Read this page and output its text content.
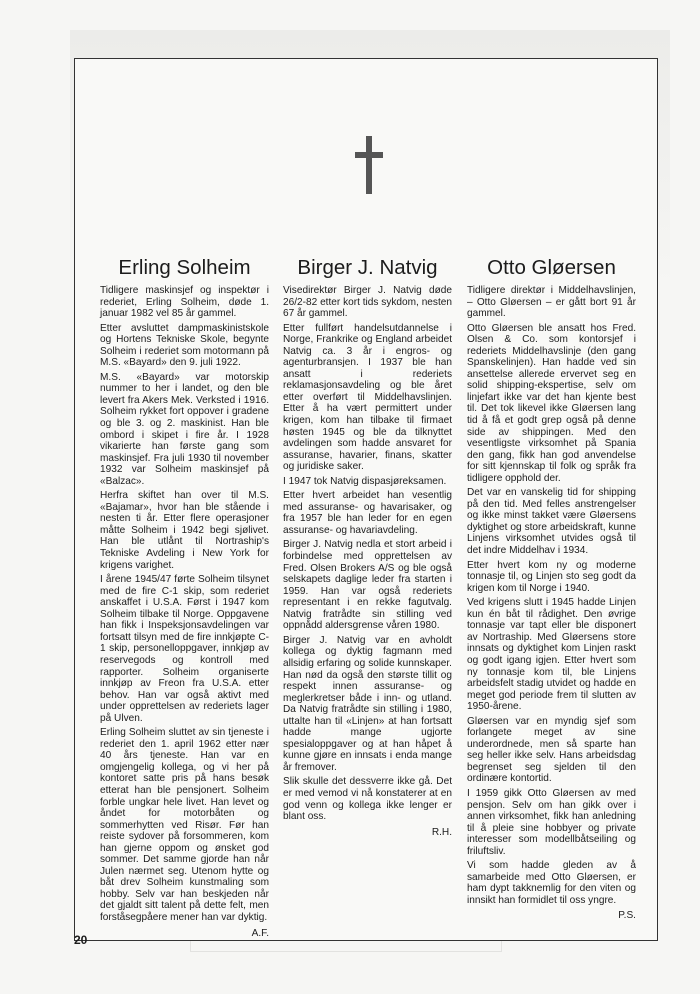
Erling Solheim

Tidligere maskinsjef og inspektør i rederiet, Erling Solheim, døde 1. januar 1982 vel 85 år gammel.

Etter avsluttet dampmaskinistskole og Hortens Tekniske Skole, begynte Solheim i rederiet som motormann på M.S. «Bayard» den 9. juli 1922.

M.S. «Bayard» var motorskip nummer to her i landet, og den ble levert fra Akers Mek. Verksted i 1916. Solheim rykket fort oppover i gradene og ble 3. og 2. maskinist. Han ble ombord i skipet i fire år. I 1928 vikarierte han første gang som maskinsjef. Fra juli 1930 til november 1932 var Solheim maskinsjef på «Balzac».

Herfra skiftet han over til M.S. «Bajamar», hvor han ble stående i nesten ti år. Etter flere operasjoner måtte Solheim i 1942 begi sjølivet. Han ble utlånt til Nortraship's Tekniske Avdeling i New York for krigens varighet.

I årene 1945/47 førte Solheim tilsynet med de fire C-1 skip, som rederiet anskaffet i U.S.A. Først i 1947 kom Solheim tilbake til Norge. Oppgavene han fikk i Inspeksjonsavdelingen var fortsatt tilsyn med de fire innkjøpte C-1 skip, personelloppgaver, innkjøp av reservegods og kontroll med rapporter. Solheim organiserte innkjøp av Freon fra U.S.A. etter behov. Han var også aktivt med under opprettelsen av rederiets lager på Ulven.

Erling Solheim sluttet av sin tjeneste i rederiet den 1. april 1962 etter nær 40 års tjeneste. Han var en omgjengelig kollega, og vi her på kontoret satte pris på hans besøk etterat han ble pensjonert. Solheim forble ungkar hele livet. Han levet og åndet for motorbåten og sommerhytten ved Risør. Før han reiste sydover på forsommeren, kom han gjerne oppom og ønsket god sommer. Det samme gjorde han når Julen nærmet seg. Utenom hytte og båt drev Solheim kunstmaling som hobby. Selv var han beskjeden når det gjaldt sitt talent på dette felt, men forståsegpåere mener han var dyktig.

A.F.
Birger J. Natvig

Visedirektør Birger J. Natvig døde 26/2-82 etter kort tids sykdom, nesten 67 år gammel.

Etter fullført handelsutdannelse i Norge, Frankrike og England arbeidet Natvig ca. 3 år i engros- og agenturbransjen. I 1937 ble han ansatt i rederiets reklamasjonsavdeling og ble året etter overført til Middelhavslinjen. Etter å ha vært permittert under krigen, kom han tilbake til firmaet høsten 1945 og ble da tilknyttet avdelingen som hadde ansvaret for assuranse, havarier, finans, skatter og juridiske saker.

I 1947 tok Natvig dispasjøreksamen.

Etter hvert arbeidet han vesentlig med assuranse- og havarisaker, og fra 1957 ble han leder for en egen assuranse- og havariavdeling.

Birger J. Natvig nedla et stort arbeid i forbindelse med opprettelsen av Fred. Olsen Brokers A/S og ble også selskapets daglige leder fra starten i 1959. Han var også rederiets representant i en rekke fagutvalg. Natvig fratrådte sin stilling ved oppnådd aldersgrense våren 1980.

Birger J. Natvig var en avholdt kollega og dyktig fagmann med allsidig erfaring og solide kunnskaper. Han nød da også den største tillit og respekt innen assuranse- og meglerkretser både i inn- og utland. Da Natvig fratrådte sin stilling i 1980, uttalte han til «Linjen» at han fortsatt hadde mange ugjorte spesialoppgaver og at han håpet å kunne gjøre en innsats i enda mange år fremover.

Slik skulle det dessverre ikke gå. Det er med vemod vi nå konstaterer at en god venn og kollega ikke lenger er blant oss.

R.H.
Otto Gløersen

Tidligere direktør i Middelhavslinjen, – Otto Gløersen – er gått bort 91 år gammel.

Otto Gløersen ble ansatt hos Fred. Olsen & Co. som kontorsjef i rederiets Middelhavslinje (den gang Spanskelinjen). Han hadde ved sin ansettelse allerede ervervet seg en solid shipping-ekspertise, selv om linjefart ikke var det han kjente best til. Det tok likevel ikke Gløersen lang tid å få et godt grep også på denne side av shippingen. Med den vesentligste virksomhet på Spania den gang, fikk han god anvendelse for sitt kjennskap til folk og språk fra tidligere opphold der.

Det var en vanskelig tid for shipping på den tid. Med felles anstrengelser og ikke minst takket være Gløersens dyktighet og store arbeidskraft, kunne Linjens virksomhet utvides også til det indre Middelhav i 1934.

Etter hvert kom ny og moderne tonnasje til, og Linjen sto seg godt da krigen kom til Norge i 1940.

Ved krigens slutt i 1945 hadde Linjen kun én båt til rådighet. Den øvrige tonnasje var tapt eller ble disponert av Nortraship. Med Gløersens store innsats og dyktighet kom Linjen raskt og godt igang igjen. Etter hvert som ny tonnasje kom til, ble Linjens arbeidsfelt stadig utvidet og hadde en meget god periode frem til slutten av 1950-årene.

Gløersen var en myndig sjef som forlangete meget av sine underordnede, men så sparte han seg heller ikke selv. Hans arbeidsdag begrenset seg sjelden til den ordinære kontortid.

I 1959 gikk Otto Gløersen av med pensjon. Selv om han gikk over i annen virksomhet, fikk han anledning til å pleie sine hobbyer og private interesser som modellbåtseiling og friluftsliv.

Vi som hadde gleden av å samarbeide med Otto Gløersen, er ham dypt takknemlig for den viten og innsikt han formidlet til oss yngre.

P.S.
20
